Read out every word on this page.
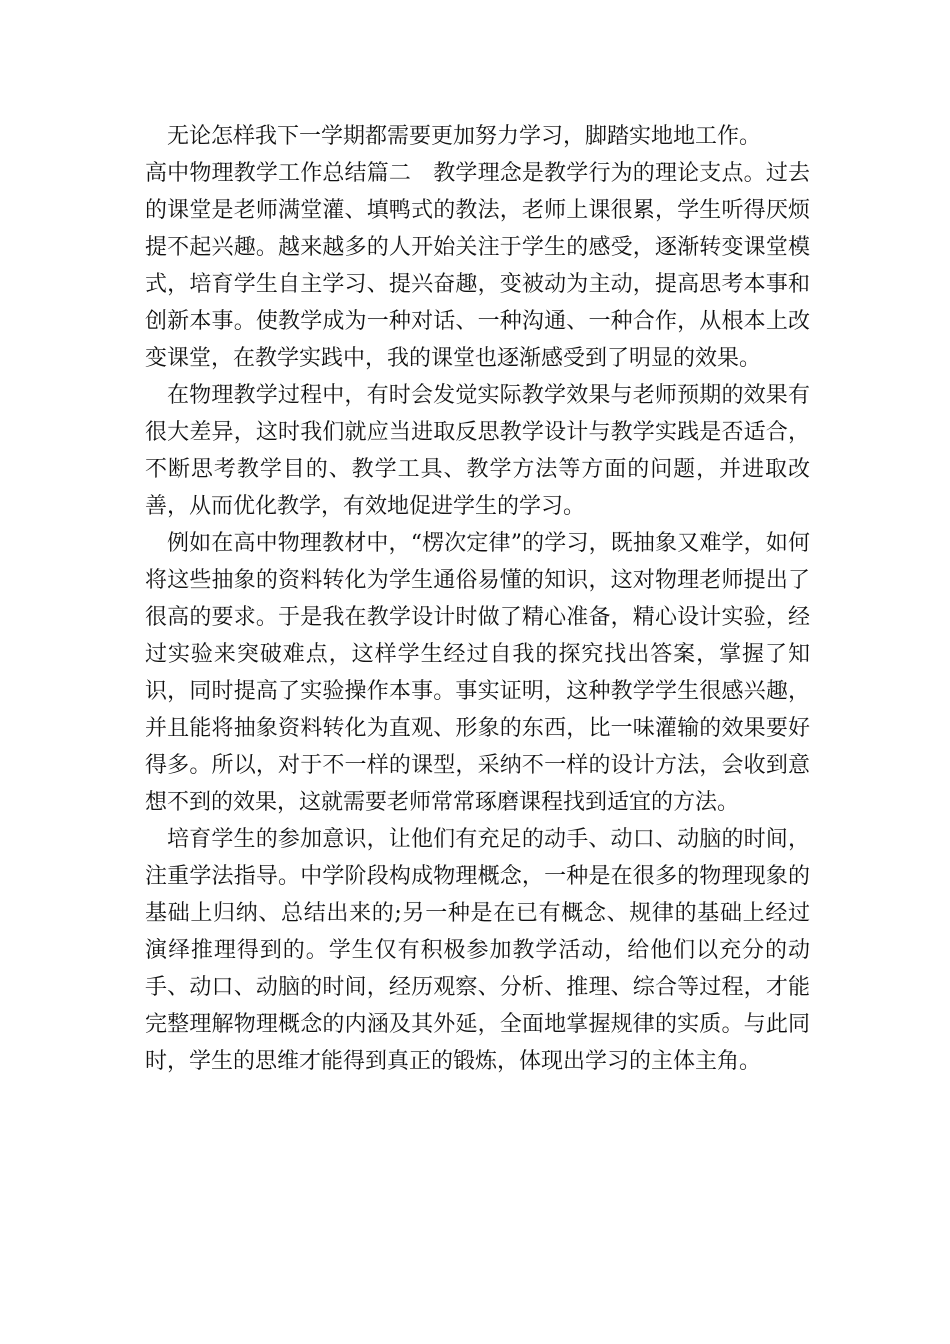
无论怎样我下一学期都需要更加努力学习，脚踏实地地工作。

高中物理教学工作总结篇二　教学理念是教学行为的理论支点。过去的课堂是老师满堂灌、填鸭式的教法，老师上课很累，学生听得厌烦提不起兴趣。越来越多的人开始关注于学生的感受，逐渐转变课堂模式，培育学生自主学习、提兴奋趣，变被动为主动，提高思考本事和创新本事。使教学成为一种对话、一种沟通、一种合作，从根本上改变课堂，在教学实践中，我的课堂也逐渐感受到了明显的效果。

在物理教学过程中，有时会发觉实际教学效果与老师预期的效果有很大差异，这时我们就应当进取反思教学设计与教学实践是否适合，不断思考教学目的、教学工具、教学方法等方面的问题，并进取改善，从而优化教学，有效地促进学生的学习。

例如在高中物理教材中，“楞次定律”的学习，既抽象又难学，如何将这些抽象的资料转化为学生通俗易懂的知识，这对物理老师提出了很高的要求。于是我在教学设计时做了精心准备，精心设计实验，经过实验来突破难点，这样学生经过自我的探究找出答案，掌握了知识，同时提高了实验操作本事。事实证明，这种教学学生很感兴趣，并且能将抽象资料转化为直观、形象的东西，比一味灌输的效果要好得多。所以，对于不一样的课型，采纳不一样的设计方法，会收到意想不到的效果，这就需要老师常常琢磨课程找到适宜的方法。

培育学生的参加意识，让他们有充足的动手、动口、动脑的时间，注重学法指导。中学阶段构成物理概念，一种是在很多的物理现象的基础上归纳、总结出来的;另一种是在已有概念、规律的基础上经过演绎推理得到的。学生仅有积极参加教学活动，给他们以充分的动手、动口、动脑的时间，经历观察、分析、推理、综合等过程，才能完整理解物理概念的内涵及其外延，全面地掌握规律的实质。与此同时，学生的思维才能得到真正的锻炼，体现出学习的主体主角。
